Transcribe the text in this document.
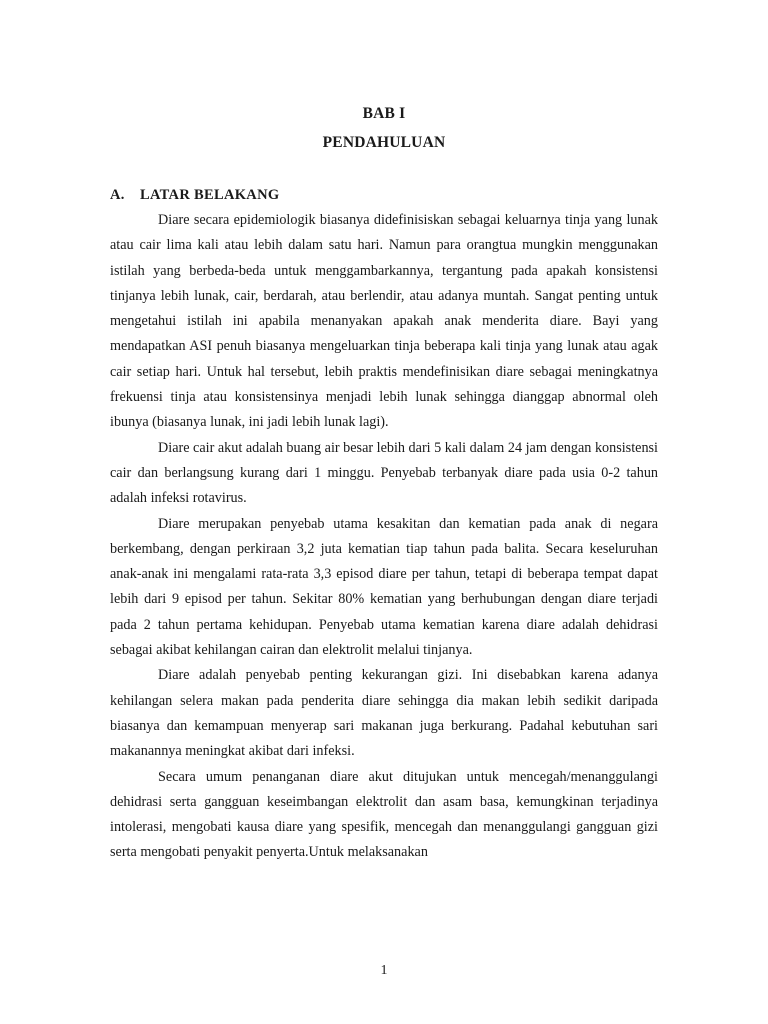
BAB I
PENDAHULUAN
A. LATAR BELAKANG

Diare secara epidemiologik biasanya didefinisiskan sebagai keluarnya tinja yang lunak atau cair lima kali atau lebih dalam satu hari. Namun para orangtua mungkin menggunakan istilah yang berbeda-beda untuk menggambarkannya, tergantung pada apakah konsistensi tinjanya lebih lunak, cair, berdarah, atau berlendir, atau adanya muntah. Sangat penting untuk mengetahui istilah ini apabila menanyakan apakah anak menderita diare. Bayi yang mendapatkan ASI penuh biasanya mengeluarkan tinja beberapa kali tinja yang lunak atau agak cair setiap hari. Untuk hal tersebut, lebih praktis mendefinisikan diare sebagai meningkatnya frekuensi tinja atau konsistensinya menjadi lebih lunak sehingga dianggap abnormal oleh ibunya (biasanya lunak, ini jadi lebih lunak lagi).

Diare cair akut adalah buang air besar lebih dari 5 kali dalam 24 jam dengan konsistensi cair dan berlangsung kurang dari 1 minggu. Penyebab terbanyak diare pada usia 0-2 tahun adalah infeksi rotavirus.

Diare merupakan penyebab utama kesakitan dan kematian pada anak di negara berkembang, dengan perkiraan 3,2 juta kematian tiap tahun pada balita. Secara keseluruhan anak-anak ini mengalami rata-rata 3,3 episod diare per tahun, tetapi di beberapa tempat dapat lebih dari 9 episod per tahun. Sekitar 80% kematian yang berhubungan dengan diare terjadi pada 2 tahun pertama kehidupan. Penyebab utama kematian karena diare adalah dehidrasi sebagai akibat kehilangan cairan dan elektrolit melalui tinjanya.

Diare adalah penyebab penting kekurangan gizi. Ini disebabkan karena adanya kehilangan selera makan pada penderita diare sehingga dia makan lebih sedikit daripada biasanya dan kemampuan menyerap sari makanan juga berkurang. Padahal kebutuhan sari makanannya meningkat akibat dari infeksi.

Secara umum penanganan diare akut ditujukan untuk mencegah/menanggulangi dehidrasi serta gangguan keseimbangan elektrolit dan asam basa, kemungkinan terjadinya intolerasi, mengobati kausa diare yang spesifik, mencegah dan menanggulangi gangguan gizi serta mengobati penyakit penyerta.Untuk melaksanakan

1
